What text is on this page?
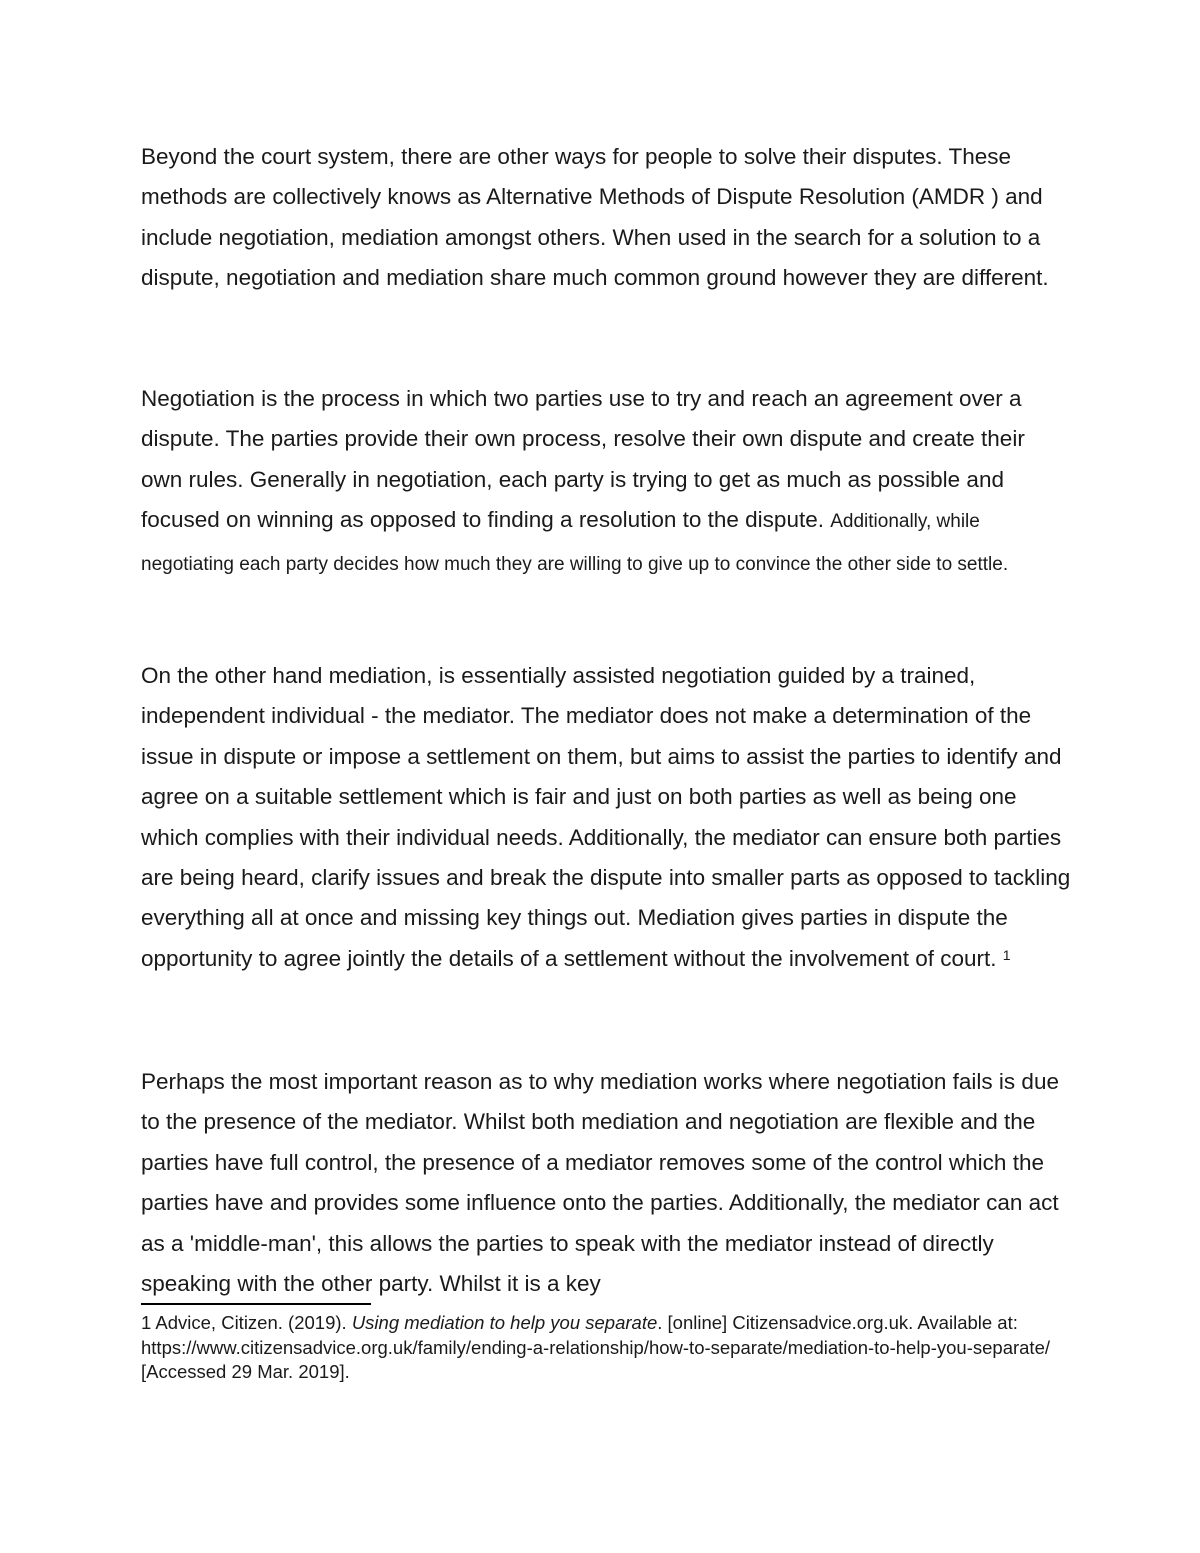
Beyond the court system, there are other ways for people to solve their disputes. These methods are collectively knows as Alternative Methods of Dispute Resolution (AMDR ) and include negotiation, mediation amongst others. When used in the search for a solution to a dispute, negotiation and mediation share much common ground however they are different.

Negotiation is the process in which two parties use to try and reach an agreement over a dispute. The parties provide their own process, resolve their own dispute and create their own rules. Generally in negotiation, each party is trying to get as much as possible and focused on winning as opposed to finding a resolution to the dispute. Additionally, while negotiating each party decides how much they are willing to give up to convince the other side to settle.

On the other hand mediation, is essentially assisted negotiation guided by a trained, independent individual - the mediator. The mediator does not make a determination of the issue in dispute or impose a settlement on them, but aims to assist the parties to identify and agree on a suitable settlement which is fair and just on both parties as well as being one which complies with their individual needs. Additionally, the mediator can ensure both parties are being heard, clarify issues and break the dispute into smaller parts as opposed to tackling everything all at once and missing key things out. Mediation gives parties in dispute the opportunity to agree jointly the details of a settlement without the involvement of court. $^1$

Perhaps the most important reason as to why mediation works where negotiation fails is due to the presence of the mediator. Whilst both mediation and negotiation are flexible and the parties have full control, the presence of a mediator removes some of the control which the parties have and provides some influence onto the parties. Additionally, the mediator can act as a 'middle-man', this allows the parties to speak with the mediator instead of directly speaking with the other party. Whilst it is a key

1 Advice, Citizen. (2019). Using mediation to help you separate. [online] Citizensadvice.org.uk. Available at: https://www.citizensadvice.org.uk/family/ending-a-relationship/how-to-separate/mediation-to-help-you-separate/ [Accessed 29 Mar. 2019].
